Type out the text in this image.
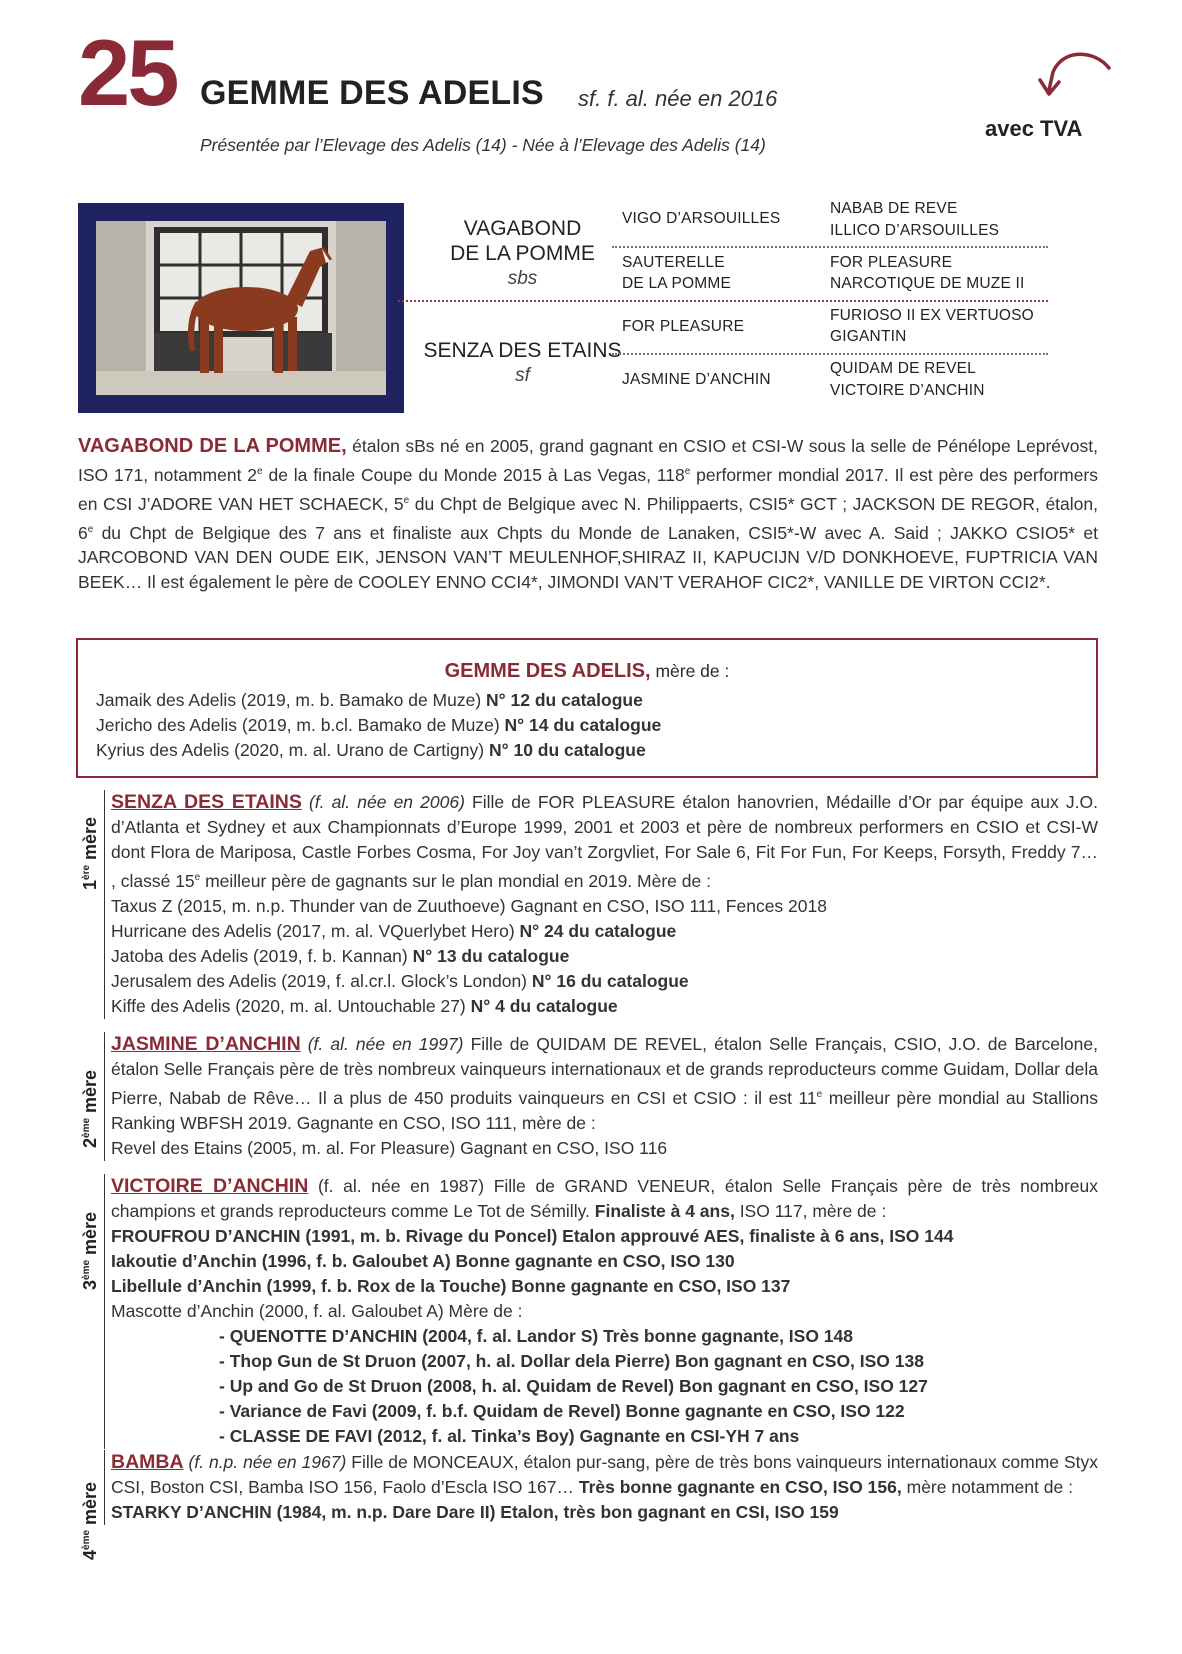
25 GEMME DES ADELIS sf. f. al. née en 2016
Présentée par l’Elevage des Adelis (14) - Née à l’Elevage des Adelis (14)
avec TVA
VAGABOND
DE LA POMME
sbs
SENZA DES ETAINS
sf
VIGO D’ARSOUILLES
NABAB DE REVE
ILLICO D’ARSOUILLES
SAUTERELLE
DE LA POMME
FOR PLEASURE
NARCOTIQUE DE MUZE II
FOR PLEASURE
FURIOSO II EX VERTUOSO
GIGANTIN
JASMINE D’ANCHIN
QUIDAM DE REVEL
VICTOIRE D’ANCHIN
VAGABOND DE LA POMME, étalon sBs né en 2005, grand gagnant en CSIO et CSI-W sous la selle de Pénélope Leprévost, ISO 171, notamment 2e de la finale Coupe du Monde 2015 à Las Vegas, 118e performer mondial 2017. Il est père des performers en CSI J’ADORE VAN HET SCHAECK, 5e du Chpt de Belgique avec N. Philippaerts, CSI5* GCT ; JACKSON DE REGOR, étalon, 6e du Chpt de Belgique des 7 ans et finaliste aux Chpts du Monde de Lanaken, CSI5*-W avec A. Said ; JAKKO CSIO5* et JARCOBOND VAN DEN OUDE EIK, JENSON VAN’T MEULENHOF,SHIRAZ II, KAPUCIJN V/D DONKHOEVE, FUPTRICIA VAN BEEK… Il est également le père de COOLEY ENNO CCI4*, JIMONDI VAN’T VERAHOF CIC2*, VANILLE DE VIRTON CCI2*.
GEMME DES ADELIS, mère de :
Jamaik des Adelis (2019, m. b. Bamako de Muze) N° 12 du catalogue
Jericho des Adelis (2019, m. b.cl. Bamako de Muze) N° 14 du catalogue
Kyrius des Adelis (2020, m. al. Urano de Cartigny) N° 10 du catalogue
1ère mère
SENZA DES ETAINS (f. al. née en 2006) Fille de FOR PLEASURE étalon hanovrien, Médaille d’Or par équipe aux J.O. d’Atlanta et Sydney et aux Championnats d’Europe 1999, 2001 et 2003 et père de nombreux performers en CSIO et CSI-W dont Flora de Mariposa, Castle Forbes Cosma, For Joy van’t Zorgvliet, For Sale 6, Fit For Fun, For Keeps, Forsyth, Freddy 7… , classé 15e meilleur père de gagnants sur le plan mondial en 2019. Mère de :
Taxus Z (2015, m. n.p. Thunder van de Zuuthoeve) Gagnant en CSO, ISO 111, Fences 2018
Hurricane des Adelis (2017, m. al. VQuerlybet Hero) N° 24 du catalogue
Jatoba des Adelis (2019, f. b. Kannan) N° 13 du catalogue
Jerusalem des Adelis (2019, f. al.cr.l. Glock’s London) N° 16 du catalogue
Kiffe des Adelis (2020, m. al. Untouchable 27) N° 4 du catalogue
2ème mère
JASMINE D’ANCHIN (f. al. née en 1997) Fille de QUIDAM DE REVEL, étalon Selle Français, CSIO, J.O. de Barcelone, étalon Selle Français père de très nombreux vainqueurs internationaux et de grands reproducteurs comme Guidam, Dollar dela Pierre, Nabab de Rêve… Il a plus de 450 produits vainqueurs en CSI et CSIO : il est 11e meilleur père mondial au Stallions Ranking WBFSH 2019. Gagnante en CSO, ISO 111, mère de :
Revel des Etains (2005, m. al. For Pleasure) Gagnant en CSO, ISO 116
3ème mère
VICTOIRE D’ANCHIN (f. al. née en 1987) Fille de GRAND VENEUR, étalon Selle Français père de très nombreux champions et grands reproducteurs comme Le Tot de Sémilly. Finaliste à 4 ans, ISO 117, mère de :
FROUFROU D’ANCHIN (1991, m. b. Rivage du Poncel) Etalon approuvé AES, finaliste à 6 ans, ISO 144
Iakoutie d’Anchin (1996, f. b. Galoubet A) Bonne gagnante en CSO, ISO 130
Libellule d’Anchin (1999, f. b. Rox de la Touche) Bonne gagnante en CSO, ISO 137
Mascotte d’Anchin (2000, f. al. Galoubet A) Mère de :
- QUENOTTE D’ANCHIN (2004, f. al. Landor S) Très bonne gagnante, ISO 148
- Thop Gun de St Druon (2007, h. al. Dollar dela Pierre) Bon gagnant en CSO, ISO 138
- Up and Go de St Druon (2008, h. al. Quidam de Revel) Bon gagnant en CSO, ISO 127
- Variance de Favi (2009, f. b.f. Quidam de Revel) Bonne gagnante en CSO, ISO 122
- CLASSE DE FAVI (2012, f. al. Tinka’s Boy) Gagnante en CSI-YH 7 ans
4ème mère
BAMBA (f. n.p. née en 1967) Fille de MONCEAUX, étalon pur-sang, père de très bons vainqueurs internationaux comme Styx CSI, Boston CSI, Bamba ISO 156, Faolo d’Escla ISO 167… Très bonne gagnante en CSO, ISO 156, mère notamment de :
STARKY D’ANCHIN (1984, m. n.p. Dare Dare II) Etalon, très bon gagnant en CSI, ISO 159
